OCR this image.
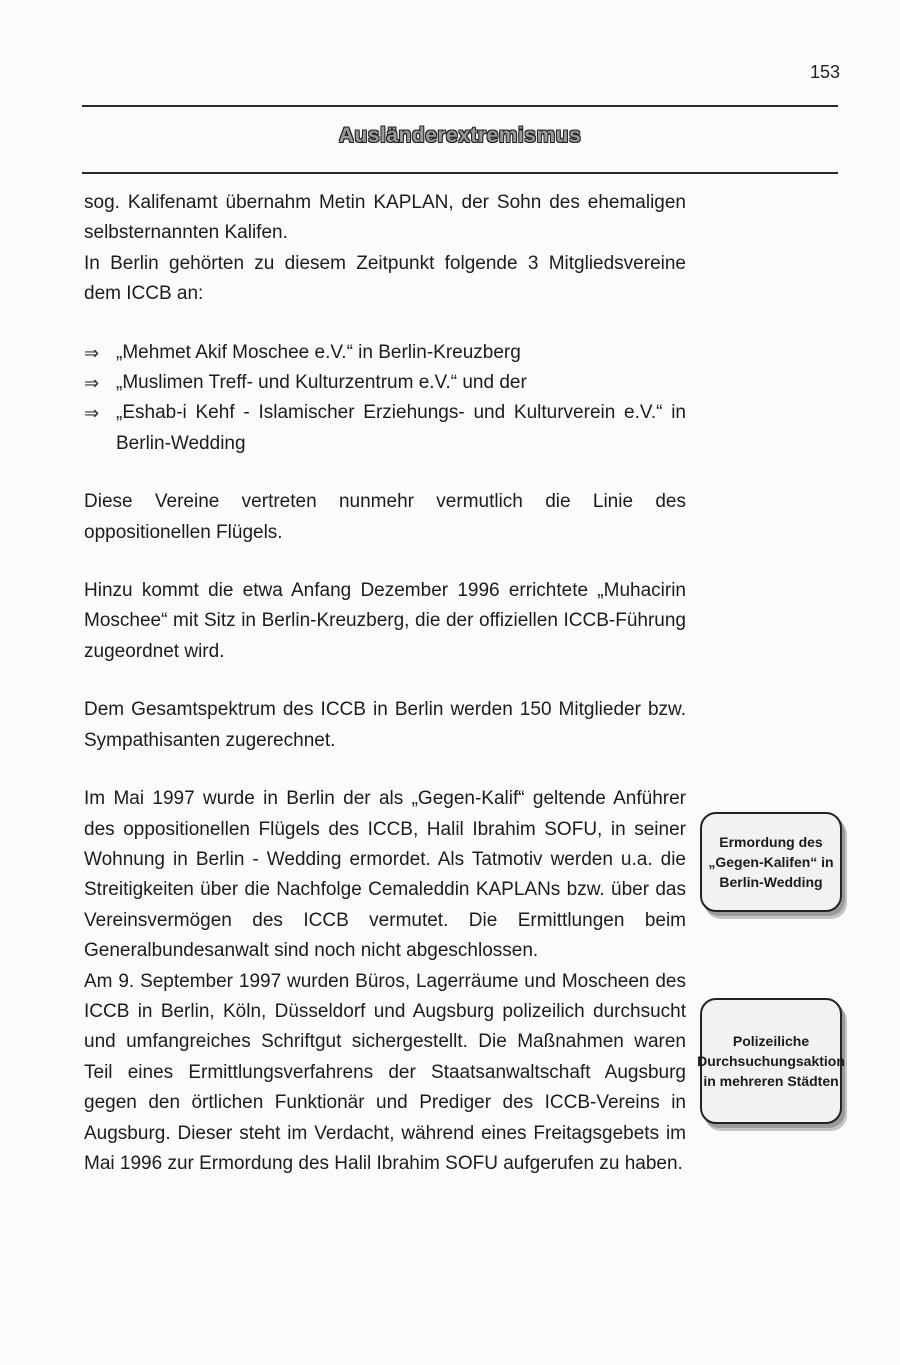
153
Ausländerextremismus

sog. Kalifenamt übernahm Metin KAPLAN, der Sohn des ehemaligen selbsternannten Kalifen.

In Berlin gehörten zu diesem Zeitpunkt folgende 3 Mitgliedsvereine dem ICCB an:

⇒ „Mehmet Akif Moschee e.V.“ in Berlin-Kreuzberg
⇒ „Muslimen Treff- und Kulturzentrum e.V.“ und der
⇒ „Eshab-i Kehf - Islamischer Erziehungs- und Kulturverein e.V.“ in Berlin-Wedding

Diese Vereine vertreten nunmehr vermutlich die Linie des oppositionellen Flügels.

Hinzu kommt die etwa Anfang Dezember 1996 errichtete „Muhacirin Moschee“ mit Sitz in Berlin-Kreuzberg, die der offiziellen ICCB-Führung zugeordnet wird.

Dem Gesamtspektrum des ICCB in Berlin werden 150 Mitglieder bzw. Sympathisanten zugerechnet.

Im Mai 1997 wurde in Berlin der als „Gegen-Kalif“ geltende Anführer des oppositionellen Flügels des ICCB, Halil Ibrahim SOFU, in seiner Wohnung in Berlin - Wedding ermordet. Als Tatmotiv werden u.a. die Streitigkeiten über die Nachfolge Cemaleddin KAPLANs bzw. über das Vereinsvermögen des ICCB vermutet. Die Ermittlungen beim Generalbundesanwalt sind noch nicht abgeschlossen.

Am 9. September 1997 wurden Büros, Lagerräume und Moscheen des ICCB in Berlin, Köln, Düsseldorf und Augsburg polizeilich durchsucht und umfangreiches Schriftgut sichergestellt. Die Maßnahmen waren Teil eines Ermittlungsverfahrens der Staatsanwaltschaft Augsburg gegen den örtlichen Funktionär und Prediger des ICCB-Vereins in Augsburg. Dieser steht im Verdacht, während eines Freitagsgebets im Mai 1996 zur Ermordung des Halil Ibrahim SOFU aufgerufen zu haben.

Ermordung des „Gegen-Kalifen“ in Berlin-Wedding
Polizeiliche Durchsuchungsaktion in mehreren Städten
